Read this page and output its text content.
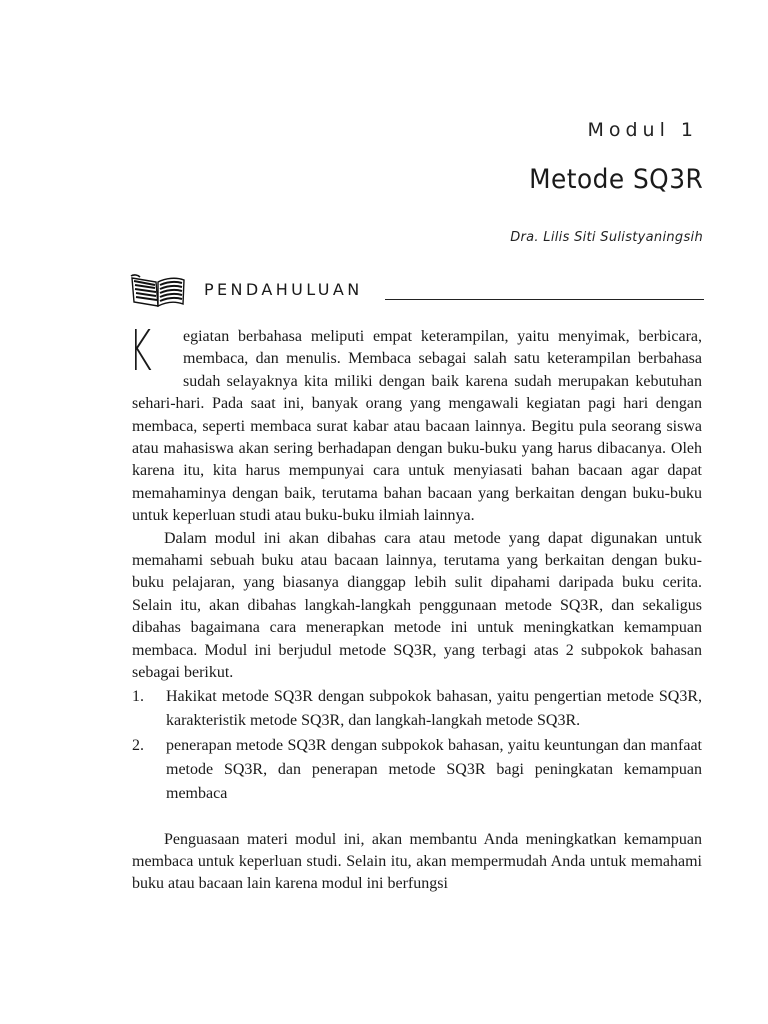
Modul 1
Metode SQ3R
Dra. Lilis Siti Sulistyaningsih
PENDAHULUAN

K egiatan berbahasa meliputi empat keterampilan, yaitu menyimak, berbicara, membaca, dan menulis. Membaca sebagai salah satu keterampilan berbahasa sudah selayaknya kita miliki dengan baik karena sudah merupakan kebutuhan sehari-hari. Pada saat ini, banyak orang yang mengawali kegiatan pagi hari dengan membaca, seperti membaca surat kabar atau bacaan lainnya. Begitu pula seorang siswa atau mahasiswa akan sering berhadapan dengan buku-buku yang harus dibacanya. Oleh karena itu, kita harus mempunyai cara untuk menyiasati bahan bacaan agar dapat memahaminya dengan baik, terutama bahan bacaan yang berkaitan dengan buku-buku untuk keperluan studi atau buku-buku ilmiah lainnya.

Dalam modul ini akan dibahas cara atau metode yang dapat digunakan untuk memahami sebuah buku atau bacaan lainnya, terutama yang berkaitan dengan buku-buku pelajaran, yang biasanya dianggap lebih sulit dipahami daripada buku cerita. Selain itu, akan dibahas langkah-langkah penggunaan metode SQ3R, dan sekaligus dibahas bagaimana cara menerapkan metode ini untuk meningkatkan kemampuan membaca. Modul ini berjudul metode SQ3R, yang terbagi atas 2 subpokok bahasan sebagai berikut.

1. Hakikat metode SQ3R dengan subpokok bahasan, yaitu pengertian metode SQ3R, karakteristik metode SQ3R, dan langkah-langkah metode SQ3R.
2. penerapan metode SQ3R dengan subpokok bahasan, yaitu keuntungan dan manfaat metode SQ3R, dan penerapan metode SQ3R bagi peningkatan kemampuan membaca

Penguasaan materi modul ini, akan membantu Anda meningkatkan kemampuan membaca untuk keperluan studi. Selain itu, akan mempermudah Anda untuk memahami buku atau bacaan lain karena modul ini berfungsi
